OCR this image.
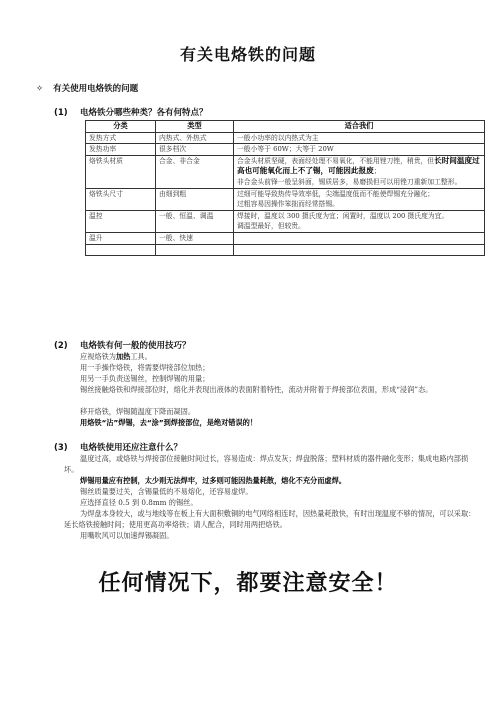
有关电烙铁的问题
✧ 有关使用电烙铁的问题
(1) 电烙铁分哪些种类？各有何特点？
分类	类型	适合我们
发热方式	内热式、外热式	一般小功率的以内热式为主
发热功率	很多档次	一般小等于 60W；大等于 20W
烙铁头材质	合金、非合金	合金头材质坚硬，表面经处理不易氧化，不能用锉刀锉，稍贵，但长时间温度过高也可能氧化而上不了锡，可能因此报废；
非合金头前锋一般呈斜面，锡质居多，易磨损但可以用锉刀重新加工整形。
烙铁头尺寸	由细到粗	过细可能导致热传导效率低，尖端温度低而不能使焊锡充分融化；
过粗容易因操作笨拙而经常搭锡。
温控	一般、恒温、调温	焊接时，温度以 300 摄氏度为宜；闲置时，温度以 200 摄氏度为宜。
调温型最好，但较贵。
温升	一般、快速	

(2) 电烙铁有何一般的使用技巧？
应视烙铁为加热工具。
用一手操作烙铁，将需要焊接部位加热；
用另一手负责送锡丝，控制焊锡的用量；
锡丝接触烙铁和焊接部位时，熔化并表现出液体的表面附着特性，流动并附着于焊接部位表面，形成“浸润”态。
移开烙铁，焊锡随温度下降而凝固。
用烙铁“沾”焊锡，去“涂”到焊接部位，是绝对错误的！
(3) 电烙铁使用还应注意什么？
温度过高，或烙铁与焊接部位接触时间过长，容易造成：焊点发灰；焊盘脱落；塑料材质的器件融化变形；集成电路内部损坏。
焊锡用量应有控制，太少则无法焊牢，过多则可能因热量耗散，熔化不充分而虚焊。
锡丝质量要过关，含锡量低的不易熔化，还容易虚焊。
应选择直径 0.5 到 0.8mm 的锡丝。
为焊盘本身较大，或与地线等在板上有大面积敷铜的电气网络相连时，因热量耗散快，有时出现温度不够的情况，可以采取：延长烙铁接触时间；使用更高功率烙铁；请人配合，同时用两把烙铁。
用嘴吹风可以加速焊锡凝固。
任何情况下，都要注意安全！
